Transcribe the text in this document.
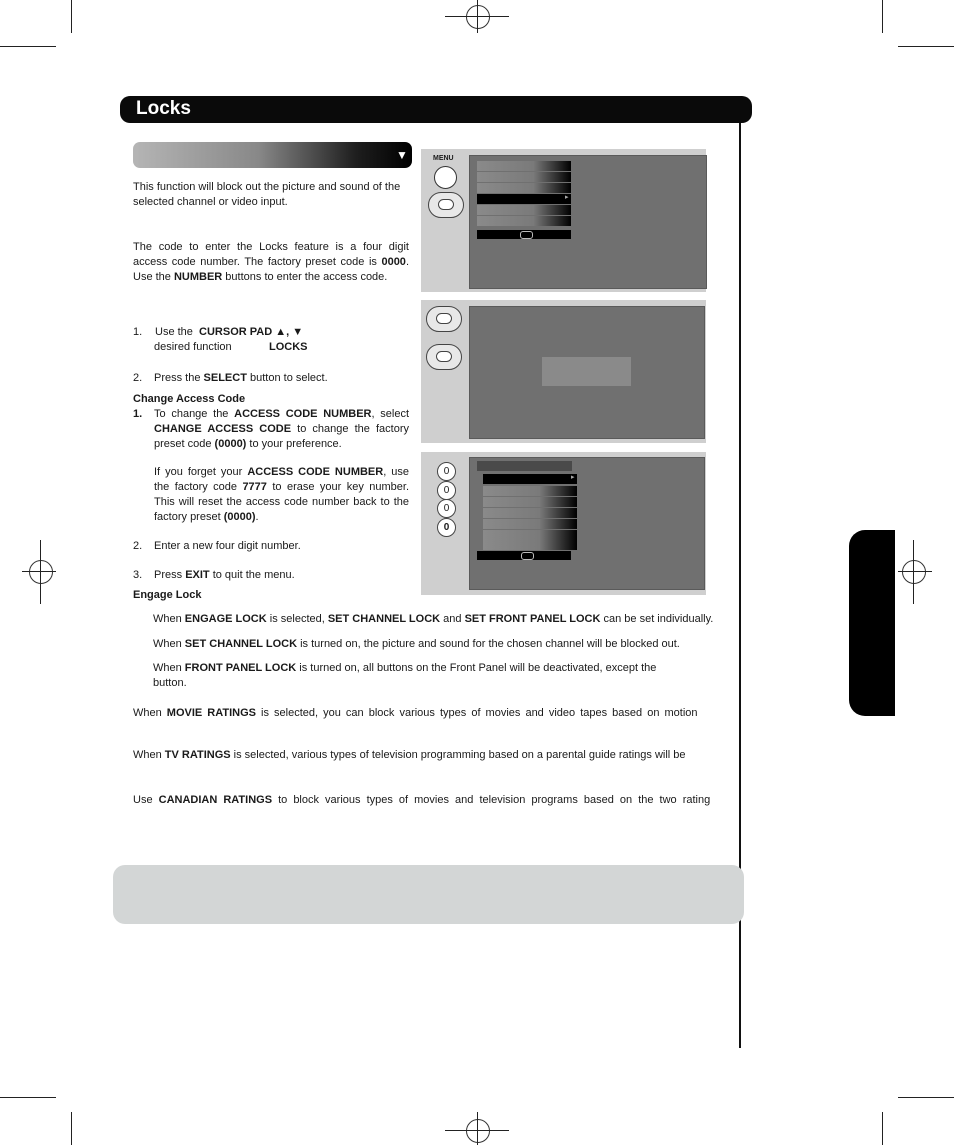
Locks
▼
This function will block out the picture and sound of the selected channel or video input.
The code to enter the Locks feature is a four digit access code number. The factory preset code is 0000. Use the NUMBER buttons to enter the access code.
1. Use the  CURSOR PAD ▲, ▼
desired function	LOCKS
2. Press the SELECT button to select.
Change Access Code
1. To change the ACCESS CODE NUMBER, select CHANGE ACCESS CODE to change the factory preset code (0000) to your preference.
If you forget your ACCESS CODE NUMBER, use the factory code 7777 to erase your key number. This will reset the access code number back to the factory preset (0000).
2. Enter a new four digit number.
3. Press EXIT to quit the menu.
Engage Lock
When ENGAGE LOCK is selected, SET CHANNEL LOCK and SET FRONT PANEL LOCK can be set individually.
When SET CHANNEL LOCK is turned on, the picture and sound for the chosen channel will be blocked out.
When FRONT PANEL LOCK is turned on, all buttons on the Front Panel will be deactivated, except the
button.
When MOVIE RATINGS is selected, you can block various types of movies and video tapes based on motion
When TV RATINGS is selected, various types of television programming based on a parental guide ratings will be
Use CANADIAN RATINGS to block various types of movies and television programs based on the two rating
MENU
▸
0
0
0
0
▸
